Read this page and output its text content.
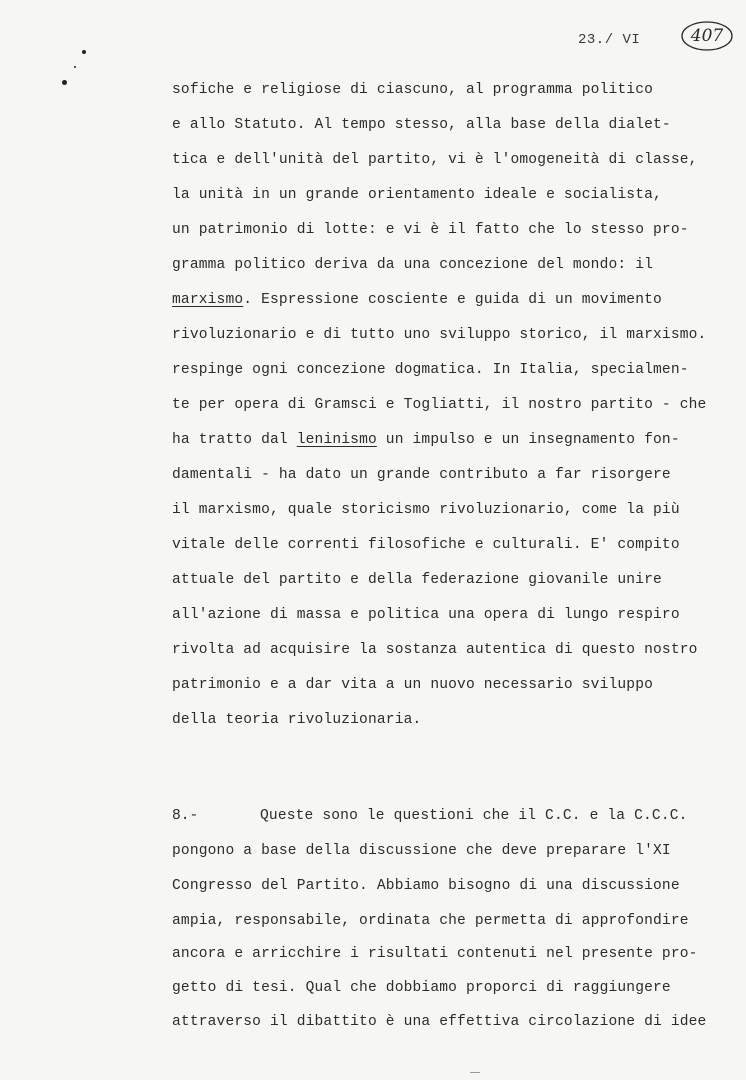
23./ VI	407
sofiche e religiose di ciascuno, al programma politico
e allo Statuto. Al tempo stesso, alla base della dialet-
tica e dell'unità del partito, vi è l'omogeneità di classe,
la unità in un grande orientamento ideale e socialista,
un patrimonio di lotte: e vi è il fatto che lo stesso pro-
gramma politico deriva da una concezione del mondo: il
marxismo. Espressione cosciente e guida di un movimento
rivoluzionario e di tutto uno sviluppo storico, il marxismo.
respinge ogni concezione dogmatica. In Italia, specialmen-
te per opera di Gramsci e Togliatti, il nostro partito - che
ha tratto dal leninismo un impulso e un insegnamento fon-
damentali - ha dato un grande contributo a far risorgere
il marxismo, quale storicismo rivoluzionario, come la più
vitale delle correnti filosofiche e culturali. E' compito
attuale del partito e della federazione giovanile unire
all'azione di massa e politica una opera di lungo respiro
rivolta ad acquisire la sostanza autentica di questo nostro
patrimonio e a dar vita a un nuovo necessario sviluppo
della teoria rivoluzionaria.
8.-	Queste sono le questioni che il C.C. e la C.C.C.
pongono a base della discussione che deve preparare l'XI
Congresso del Partito. Abbiamo bisogno di una discussione
ampia, responsabile, ordinata che permetta di approfondire
ancora e arricchire i risultati contenuti nel presente pro-
getto di tesi. Qual che dobbiamo proporci di raggiungere
attraverso il dibattito è una effettiva circolazione di idee
